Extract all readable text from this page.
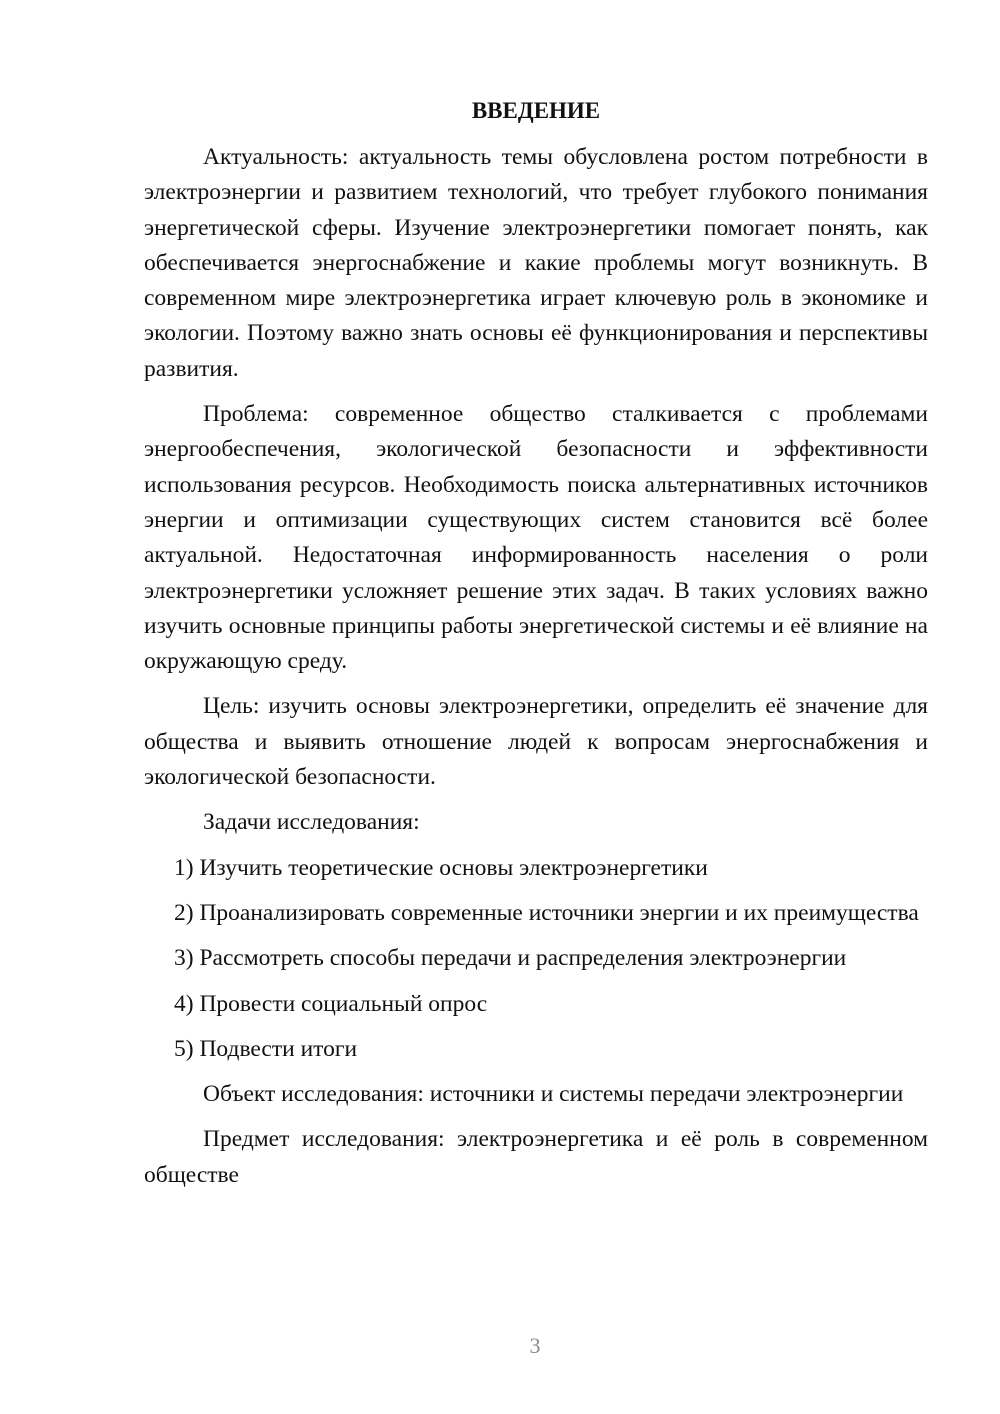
ВВЕДЕНИЕ

Актуальность: актуальность темы обусловлена ростом потребности в электроэнергии и развитием технологий, что требует глубокого понимания энергетической сферы. Изучение электроэнергетики помогает понять, как обеспечивается энергоснабжение и какие проблемы могут возникнуть. В современном мире электроэнергетика играет ключевую роль в экономике и экологии. Поэтому важно знать основы её функционирования и перспективы развития.

Проблема: современное общество сталкивается с проблемами энергообеспечения, экологической безопасности и эффективности использования ресурсов. Необходимость поиска альтернативных источников энергии и оптимизации существующих систем становится всё более актуальной. Недостаточная информированность населения о роли электроэнергетики усложняет решение этих задач. В таких условиях важно изучить основные принципы работы энергетической системы и её влияние на окружающую среду.

Цель: изучить основы электроэнергетики, определить её значение для общества и выявить отношение людей к вопросам энергоснабжения и экологической безопасности.

Задачи исследования:

1) Изучить теоретические основы электроэнергетики

2) Проанализировать современные источники энергии и их преимущества

3) Рассмотреть способы передачи и распределения электроэнергии

4) Провести социальный опрос

5) Подвести итоги

Объект исследования: источники и системы передачи электроэнергии

Предмет исследования: электроэнергетика и её роль в современном обществе

3
